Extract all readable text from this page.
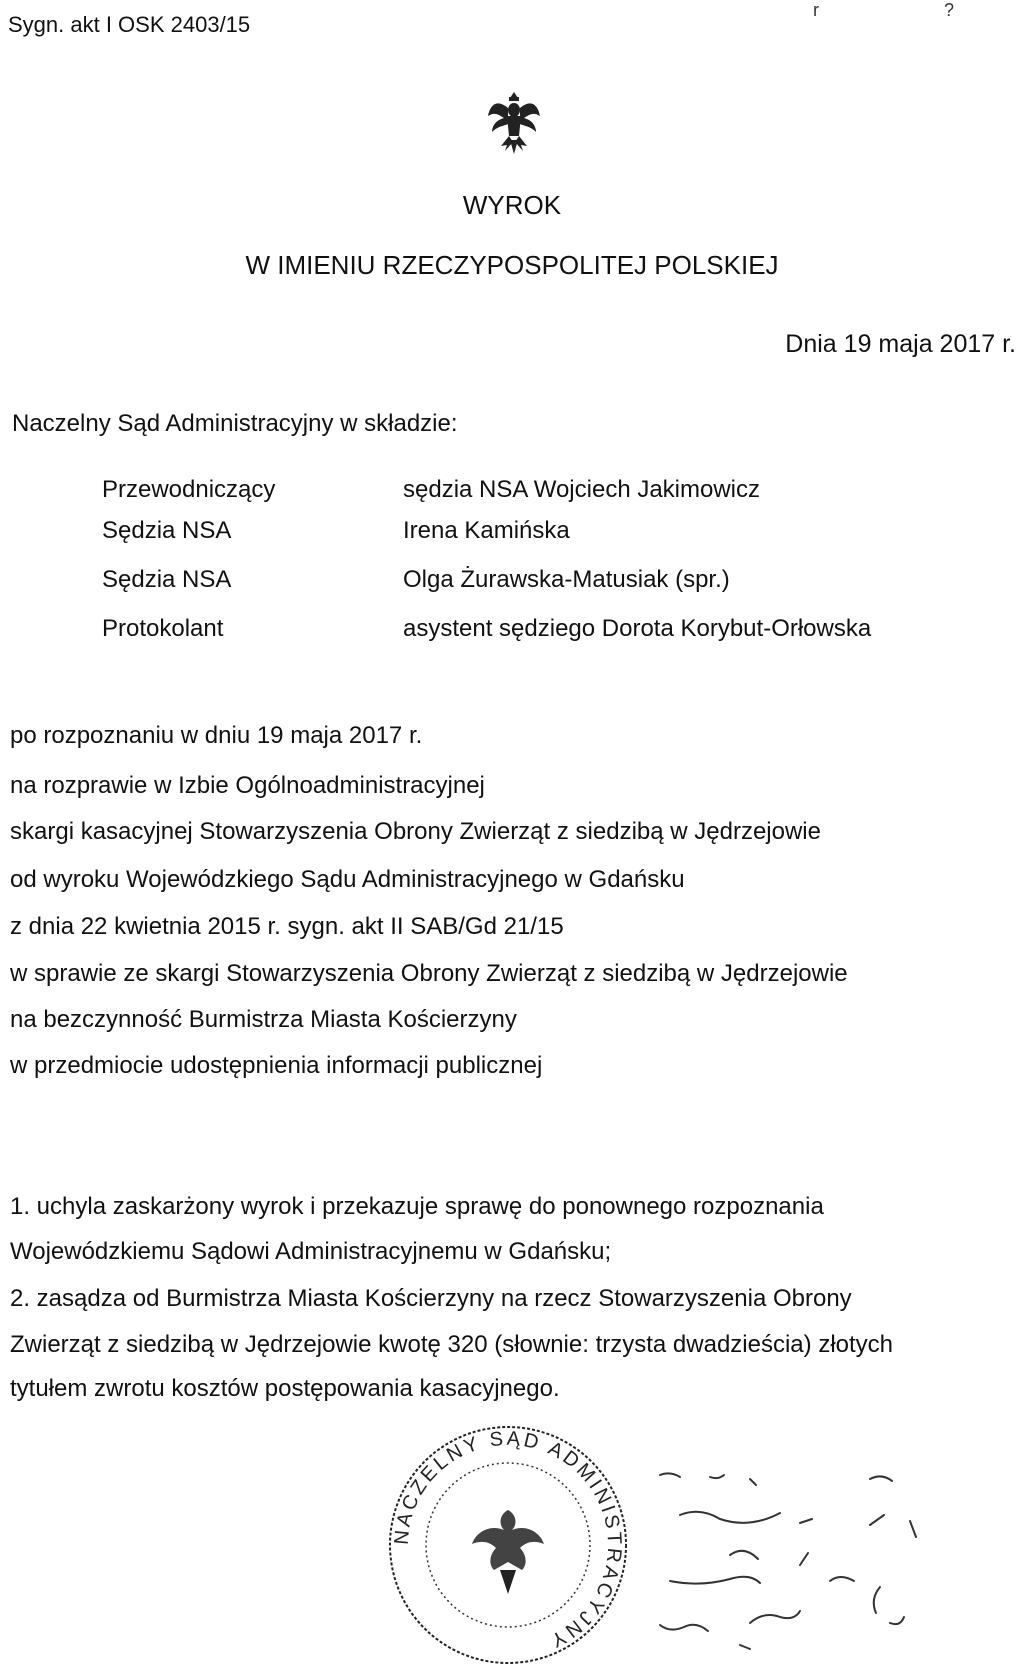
Sygn. akt I OSK 2403/15
r ?
WYROK
W IMIENIU RZECZYPOSPOLITEJ POLSKIEJ
Dnia 19 maja 2017 r.
Naczelny Sąd Administracyjny w składzie:
Przewodniczący	sędzia NSA Wojciech Jakimowicz
Sędzia NSA	Irena Kamińska
Sędzia NSA	Olga Żurawska-Matusiak (spr.)
Protokolant	asystent sędziego Dorota Korybut-Orłowska
po rozpoznaniu w dniu 19 maja 2017 r.
na rozprawie w Izbie Ogólnoadministracyjnej
skargi kasacyjnej Stowarzyszenia Obrony Zwierząt z siedzibą w Jędrzejowie
od wyroku Wojewódzkiego Sądu Administracyjnego w Gdańsku
z dnia 22 kwietnia 2015 r. sygn. akt II SAB/Gd 21/15
w sprawie ze skargi Stowarzyszenia Obrony Zwierząt z siedzibą w Jędrzejowie
na bezczynność Burmistrza Miasta Kościerzyny
w przedmiocie udostępnienia informacji publicznej
1. uchyla zaskarżony wyrok i przekazuje sprawę do ponownego rozpoznania
Wojewódzkiemu Sądowi Administracyjnemu w Gdańsku;
2. zasądza od Burmistrza Miasta Kościerzyny na rzecz Stowarzyszenia Obrony
Zwierząt z siedzibą w Jędrzejowie kwotę 320 (słownie: trzysta dwadzieścia) złotych
tytułem zwrotu kosztów postępowania kasacyjnego.
NACZELNY SĄD ADMINISTRACYJNY
